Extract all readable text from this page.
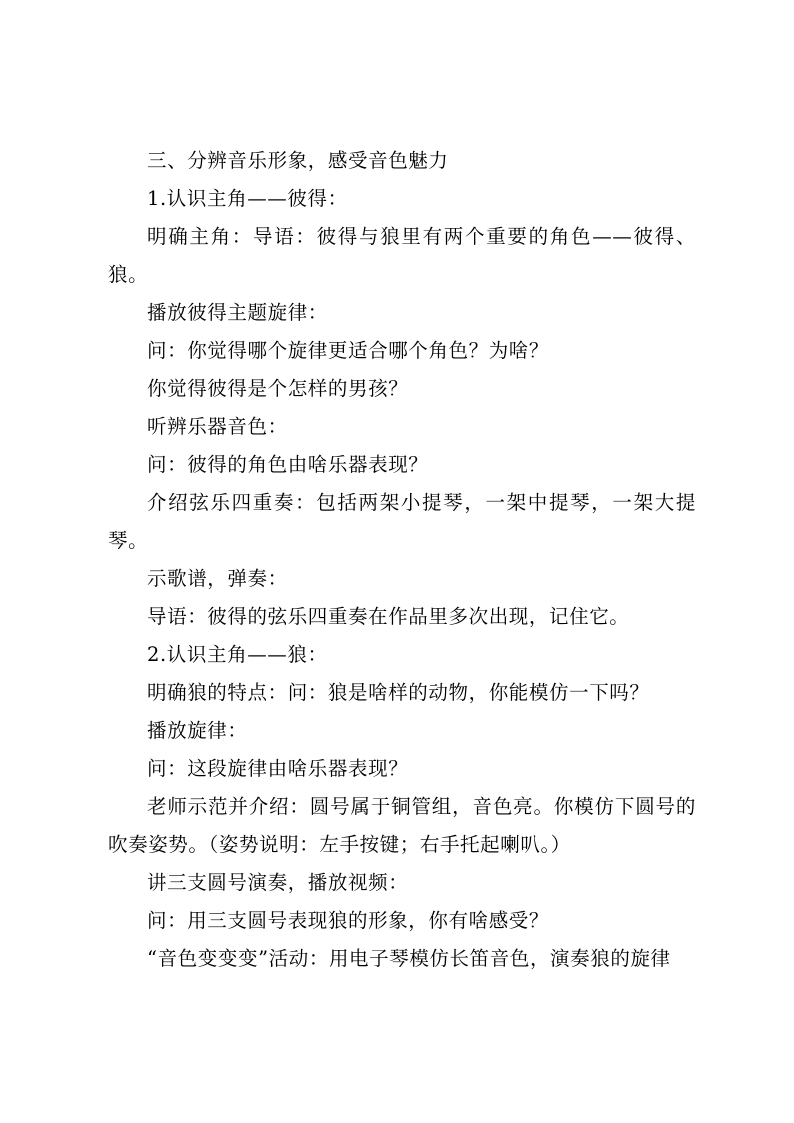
三、分辨音乐形象，感受音色魅力

1.认识主角——彼得：

明确主角：导语：彼得与狼里有两个重要的角色——彼得、狼。

播放彼得主题旋律：

问：你觉得哪个旋律更适合哪个角色？为啥？

你觉得彼得是个怎样的男孩？

听辨乐器音色：

问：彼得的角色由啥乐器表现？

介绍弦乐四重奏：包括两架小提琴，一架中提琴，一架大提琴。

示歌谱，弹奏：

导语：彼得的弦乐四重奏在作品里多次出现，记住它。

2.认识主角——狼：

明确狼的特点：问：狼是啥样的动物，你能模仿一下吗？

播放旋律：

问：这段旋律由啥乐器表现？

老师示范并介绍：圆号属于铜管组，音色亮。你模仿下圆号的吹奏姿势。（姿势说明：左手按键；右手托起喇叭。）

讲三支圆号演奏，播放视频：

问：用三支圆号表现狼的形象，你有啥感受？

“音色变变变”活动：用电子琴模仿长笛音色，演奏狼的旋律
